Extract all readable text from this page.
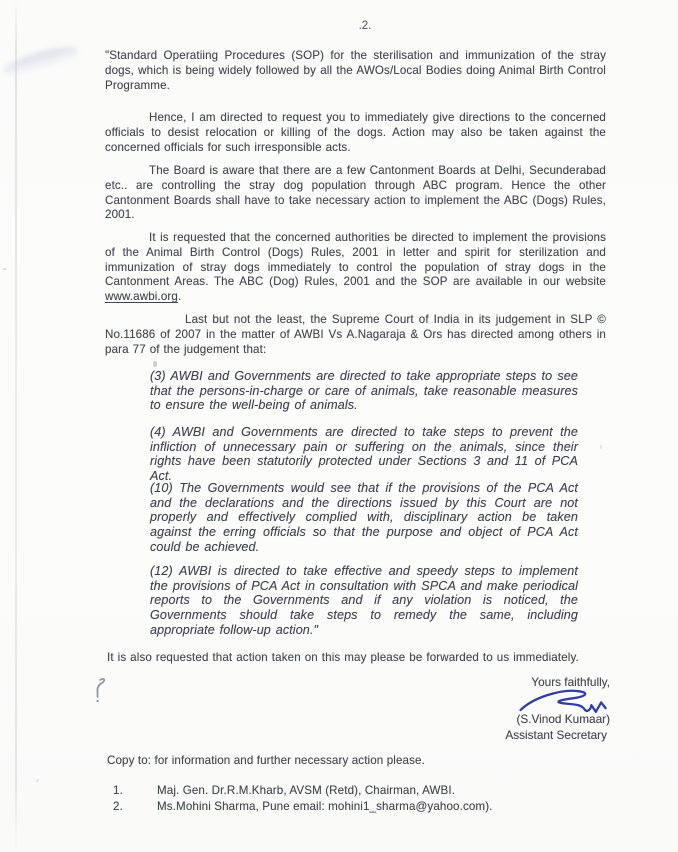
.2.
"Standard Operatiing Procedures (SOP) for the sterilisation and immunization of the stray dogs, which is being widely followed by all the AWOs/Local Bodies doing Animal Birth Control Programme.
Hence, I am directed to request you to immediately give directions to the concerned officials to desist relocation or killing of the dogs. Action may also be taken against the concerned officials for such irresponsible acts.
The Board is aware that there are a few Cantonment Boards at Delhi, Secunderabad etc.. are controlling the stray dog population through ABC program. Hence the other Cantonment Boards shall have to take necessary action to implement the ABC (Dogs) Rules, 2001.
It is requested that the concerned authorities be directed to implement the provisions of the Animal Birth Control (Dogs) Rules, 2001 in letter and spirit for sterilization and immunization of stray dogs immediately to control the population of stray dogs in the Cantonment Areas. The ABC (Dog) Rules, 2001 and the SOP are available in our website www.awbi.org.
Last but not the least, the Supreme Court of India in its judgement in SLP © No.11686 of 2007 in the matter of AWBI Vs A.Nagaraja & Ors has directed among others in para 77 of the judgement that:
(3) AWBI and Governments are directed to take appropriate steps to see that the persons-in-charge or care of animals, take reasonable measures to ensure the well-being of animals.
(4) AWBI and Governments are directed to take steps to prevent the infliction of unnecessary pain or suffering on the animals, since their rights have been statutorily protected under Sections 3 and 11 of PCA Act.
(10) The Governments would see that if the provisions of the PCA Act and the declarations and the directions issued by this Court are not properly and effectively complied with, disciplinary action be taken against the erring officials so that the purpose and object of PCA Act could be achieved.
(12) AWBI is directed to take effective and speedy steps to implement the provisions of PCA Act in consultation with SPCA and make periodical reports to the Governments and if any violation is noticed, the Governments should take steps to remedy the same, including appropriate follow-up action."
It is also requested that action taken on this may please be forwarded to us immediately.
Yours faithfully,
(S.Vinod Kumaar)
Assistant Secretary
Copy to: for information and further necessary action please.
1.	Maj. Gen. Dr.R.M.Kharb, AVSM (Retd), Chairman, AWBI.
2.	Ms.Mohini Sharma, Pune email: mohini1_sharma@yahoo.com).
